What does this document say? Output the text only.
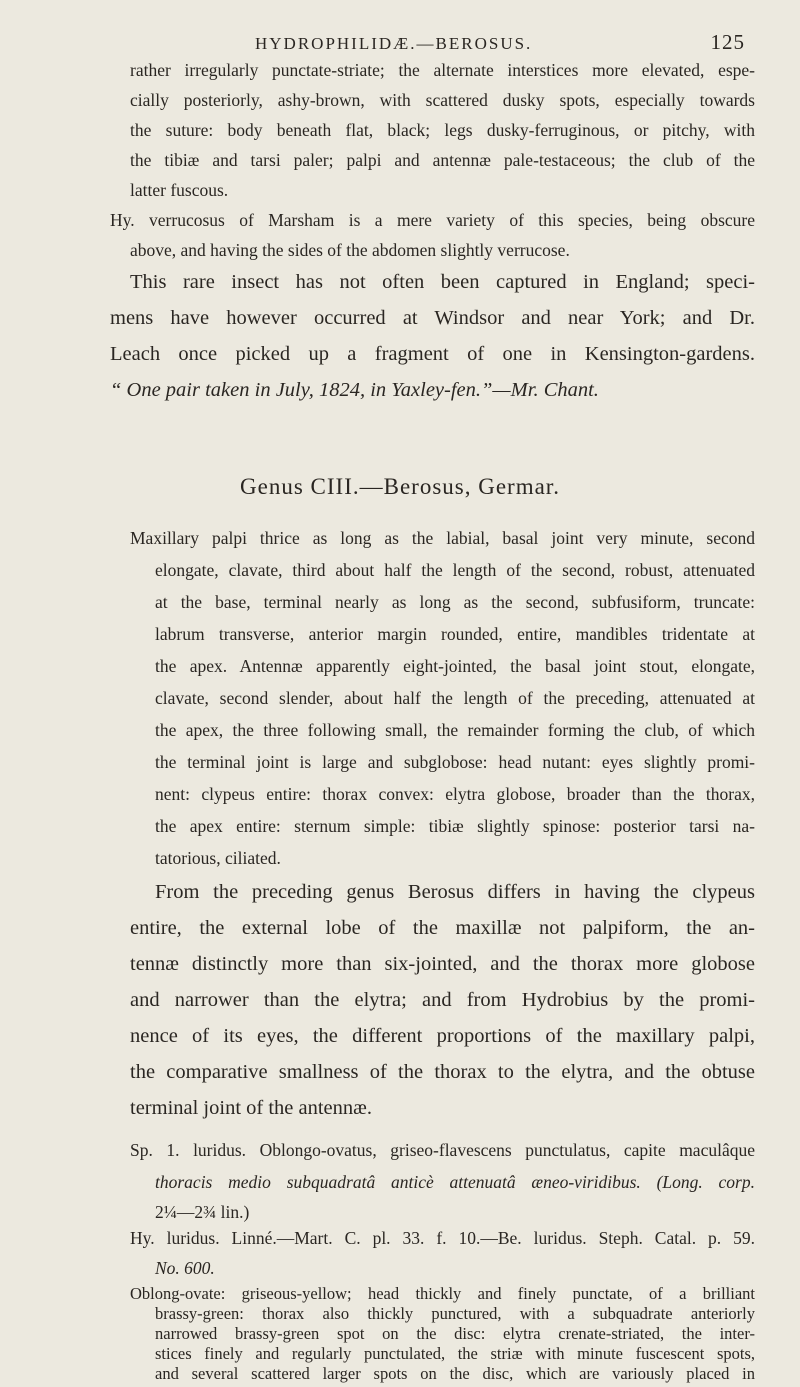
HYDROPHILIDÆ.—BEROSUS.	125
rather irregularly punctate-striate; the alternate interstices more elevated, espe-
cially posteriorly, ashy-brown, with scattered dusky spots, especially towards
the suture: body beneath flat, black; legs dusky-ferruginous, or pitchy, with
the tibiæ and tarsi paler; palpi and antennæ pale-testaceous; the club of the
latter fuscous.
Hy. verrucosus of Marsham is a mere variety of this species, being obscure
above, and having the sides of the abdomen slightly verrucose.
This rare insect has not often been captured in England; speci-
mens have however occurred at Windsor and near York; and Dr.
Leach once picked up a fragment of one in Kensington-gardens.
“ One pair taken in July, 1824, in Yaxley-fen.”—Mr. Chant.
Genus CIII.—Berosus, Germar.
Maxillary palpi thrice as long as the labial, basal joint very minute, second
elongate, clavate, third about half the length of the second, robust, attenuated
at the base, terminal nearly as long as the second, subfusiform, truncate:
labrum transverse, anterior margin rounded, entire, mandibles tridentate at
the apex. Antennæ apparently eight-jointed, the basal joint stout, elongate,
clavate, second slender, about half the length of the preceding, attenuated at
the apex, the three following small, the remainder forming the club, of which
the terminal joint is large and subglobose: head nutant: eyes slightly promi-
nent: clypeus entire: thorax convex: elytra globose, broader than the thorax,
the apex entire: sternum simple: tibiæ slightly spinose: posterior tarsi na-
tatorious, ciliated.
From the preceding genus Berosus differs in having the clypeus
entire, the external lobe of the maxillæ not palpiform, the an-
tennæ distinctly more than six-jointed, and the thorax more globose
and narrower than the elytra; and from Hydrobius by the promi-
nence of its eyes, the different proportions of the maxillary palpi,
the comparative smallness of the thorax to the elytra, and the obtuse
terminal joint of the antennæ.
Sp. 1. luridus. Oblongo-ovatus, griseo-flavescens punctulatus, capite maculâque
thoracis medio subquadratâ anticè attenuatâ æneo-viridibus. (Long. corp.
2¼—2¾ lin.)
Hy. luridus. Linné.—Mart. C. pl. 33. f. 10.—Be. luridus. Steph. Catal. p. 59.
No. 600.
Oblong-ovate: griseous-yellow; head thickly and finely punctate, of a brilliant
brassy-green: thorax also thickly punctured, with a subquadrate anteriorly
narrowed brassy-green spot on the disc: elytra crenate-striated, the inter-
stices finely and regularly punctulated, the striæ with minute fuscescent spots,
and several scattered larger spots on the disc, which are variously placed in
